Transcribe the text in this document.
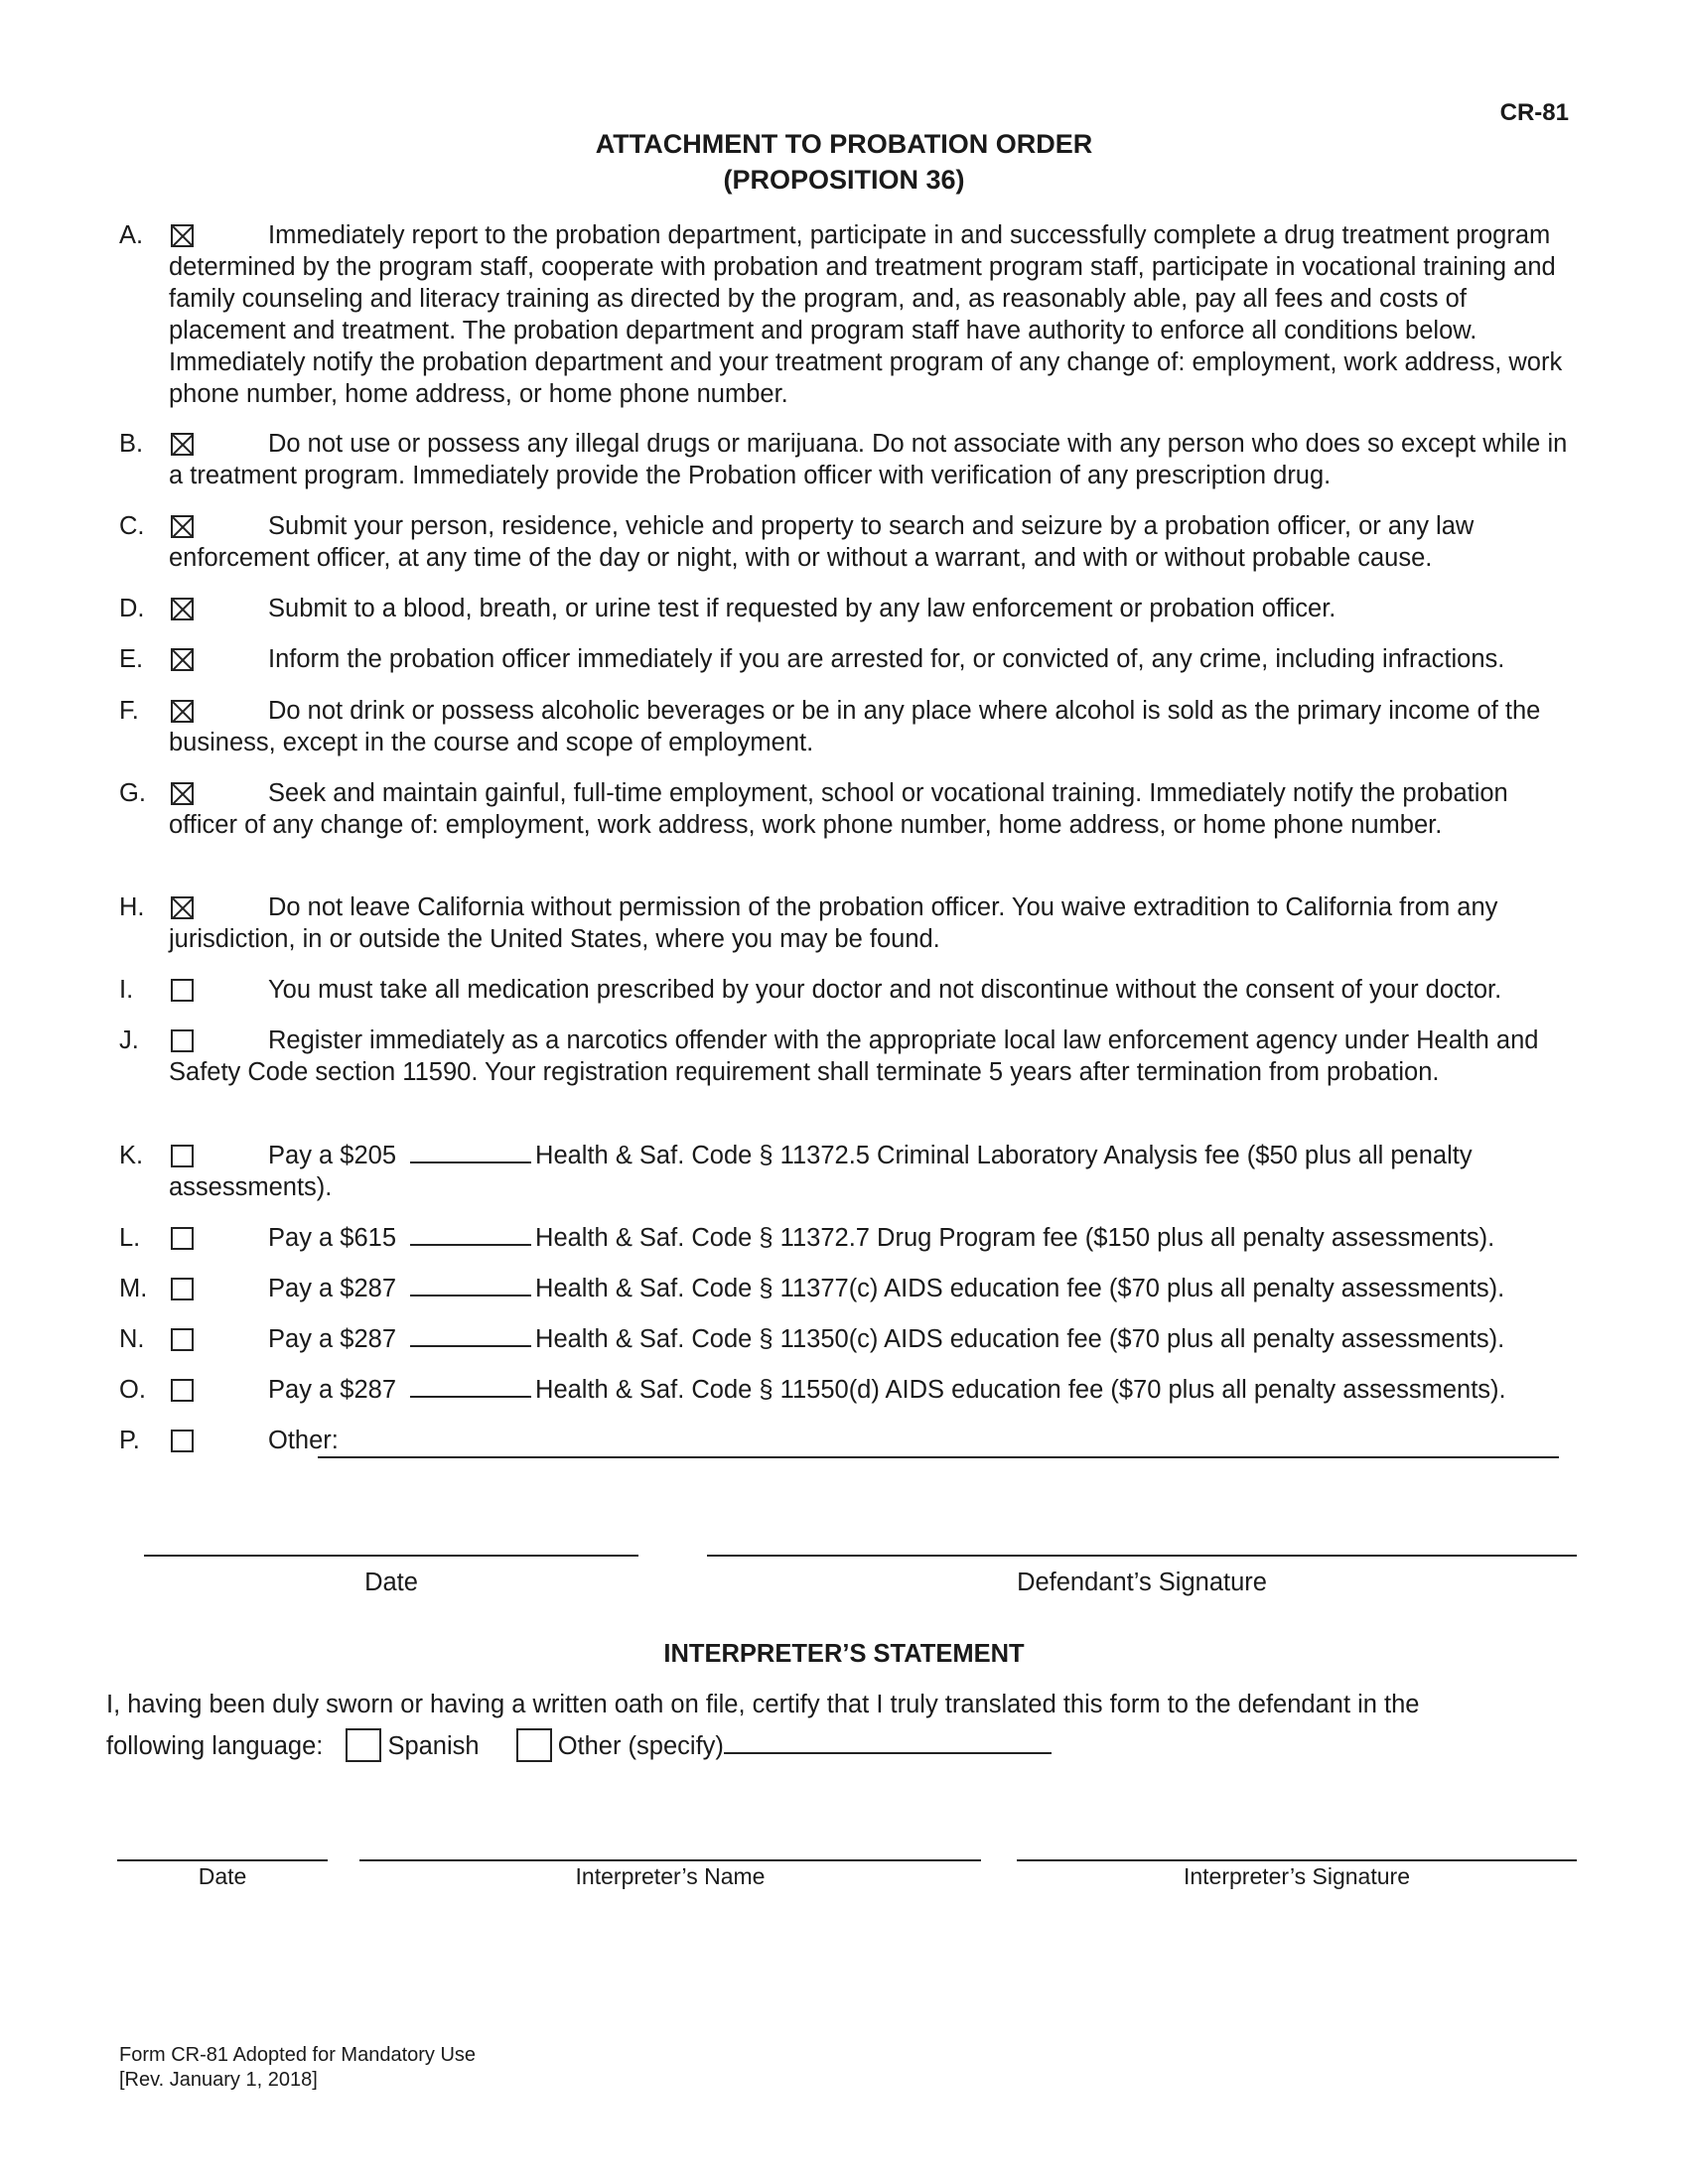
CR-81
ATTACHMENT TO PROBATION ORDER
(PROPOSITION 36)
A.	Immediately report to the probation department, participate in and successfully complete a drug treatment program determined by the program staff, cooperate with probation and treatment program staff, participate in vocational training and family counseling and literacy training as directed by the program, and, as reasonably able, pay all fees and costs of placement and treatment. The probation department and program staff have authority to enforce all conditions below. Immediately notify the probation department and your treatment program of any change of: employment, work address, work phone number, home address, or home phone number.
B.	Do not use or possess any illegal drugs or marijuana. Do not associate with any person who does so except while in a treatment program. Immediately provide the Probation officer with verification of any prescription drug.
C.	Submit your person, residence, vehicle and property to search and seizure by a probation officer, or any law enforcement officer, at any time of the day or night, with or without a warrant, and with or without probable cause.
D.	Submit to a blood, breath, or urine test if requested by any law enforcement or probation officer.
E.	Inform the probation officer immediately if you are arrested for, or convicted of, any crime, including infractions.
F.	Do not drink or possess alcoholic beverages or be in any place where alcohol is sold as the primary income of the business, except in the course and scope of employment.
G.	Seek and maintain gainful, full-time employment, school or vocational training. Immediately notify the probation officer of any change of: employment, work address, work phone number, home address, or home phone number.
H.	Do not leave California without permission of the probation officer. You waive extradition to California from any jurisdiction, in or outside the United States, where you may be found.
I.	You must take all medication prescribed by your doctor and not discontinue without the consent of your doctor.
J.	Register immediately as a narcotics offender with the appropriate local law enforcement agency under Health and Safety Code section 11590. Your registration requirement shall terminate 5 years after termination from probation.
K.	Pay a $205	Health & Saf. Code § 11372.5 Criminal Laboratory Analysis fee ($50 plus all penalty assessments).
L.	Pay a $615	Health & Saf. Code § 11372.7 Drug Program fee ($150 plus all penalty assessments).
M.	Pay a $287	Health & Saf. Code § 11377(c) AIDS education fee ($70 plus all penalty assessments).
N.	Pay a $287	Health & Saf. Code § 11350(c) AIDS education fee ($70 plus all penalty assessments).
O.	Pay a $287	Health & Saf. Code § 11550(d) AIDS education fee ($70 plus all penalty assessments).
P.	Other:
Date	Defendant’s Signature
INTERPRETER’S STATEMENT
I, having been duly sworn or having a written oath on file, certify that I truly translated this form to the defendant in the
following language:	Spanish	Other (specify)
Date	Interpreter’s Name	Interpreter’s Signature
Form CR-81 Adopted for Mandatory Use
[Rev. January 1, 2018]
